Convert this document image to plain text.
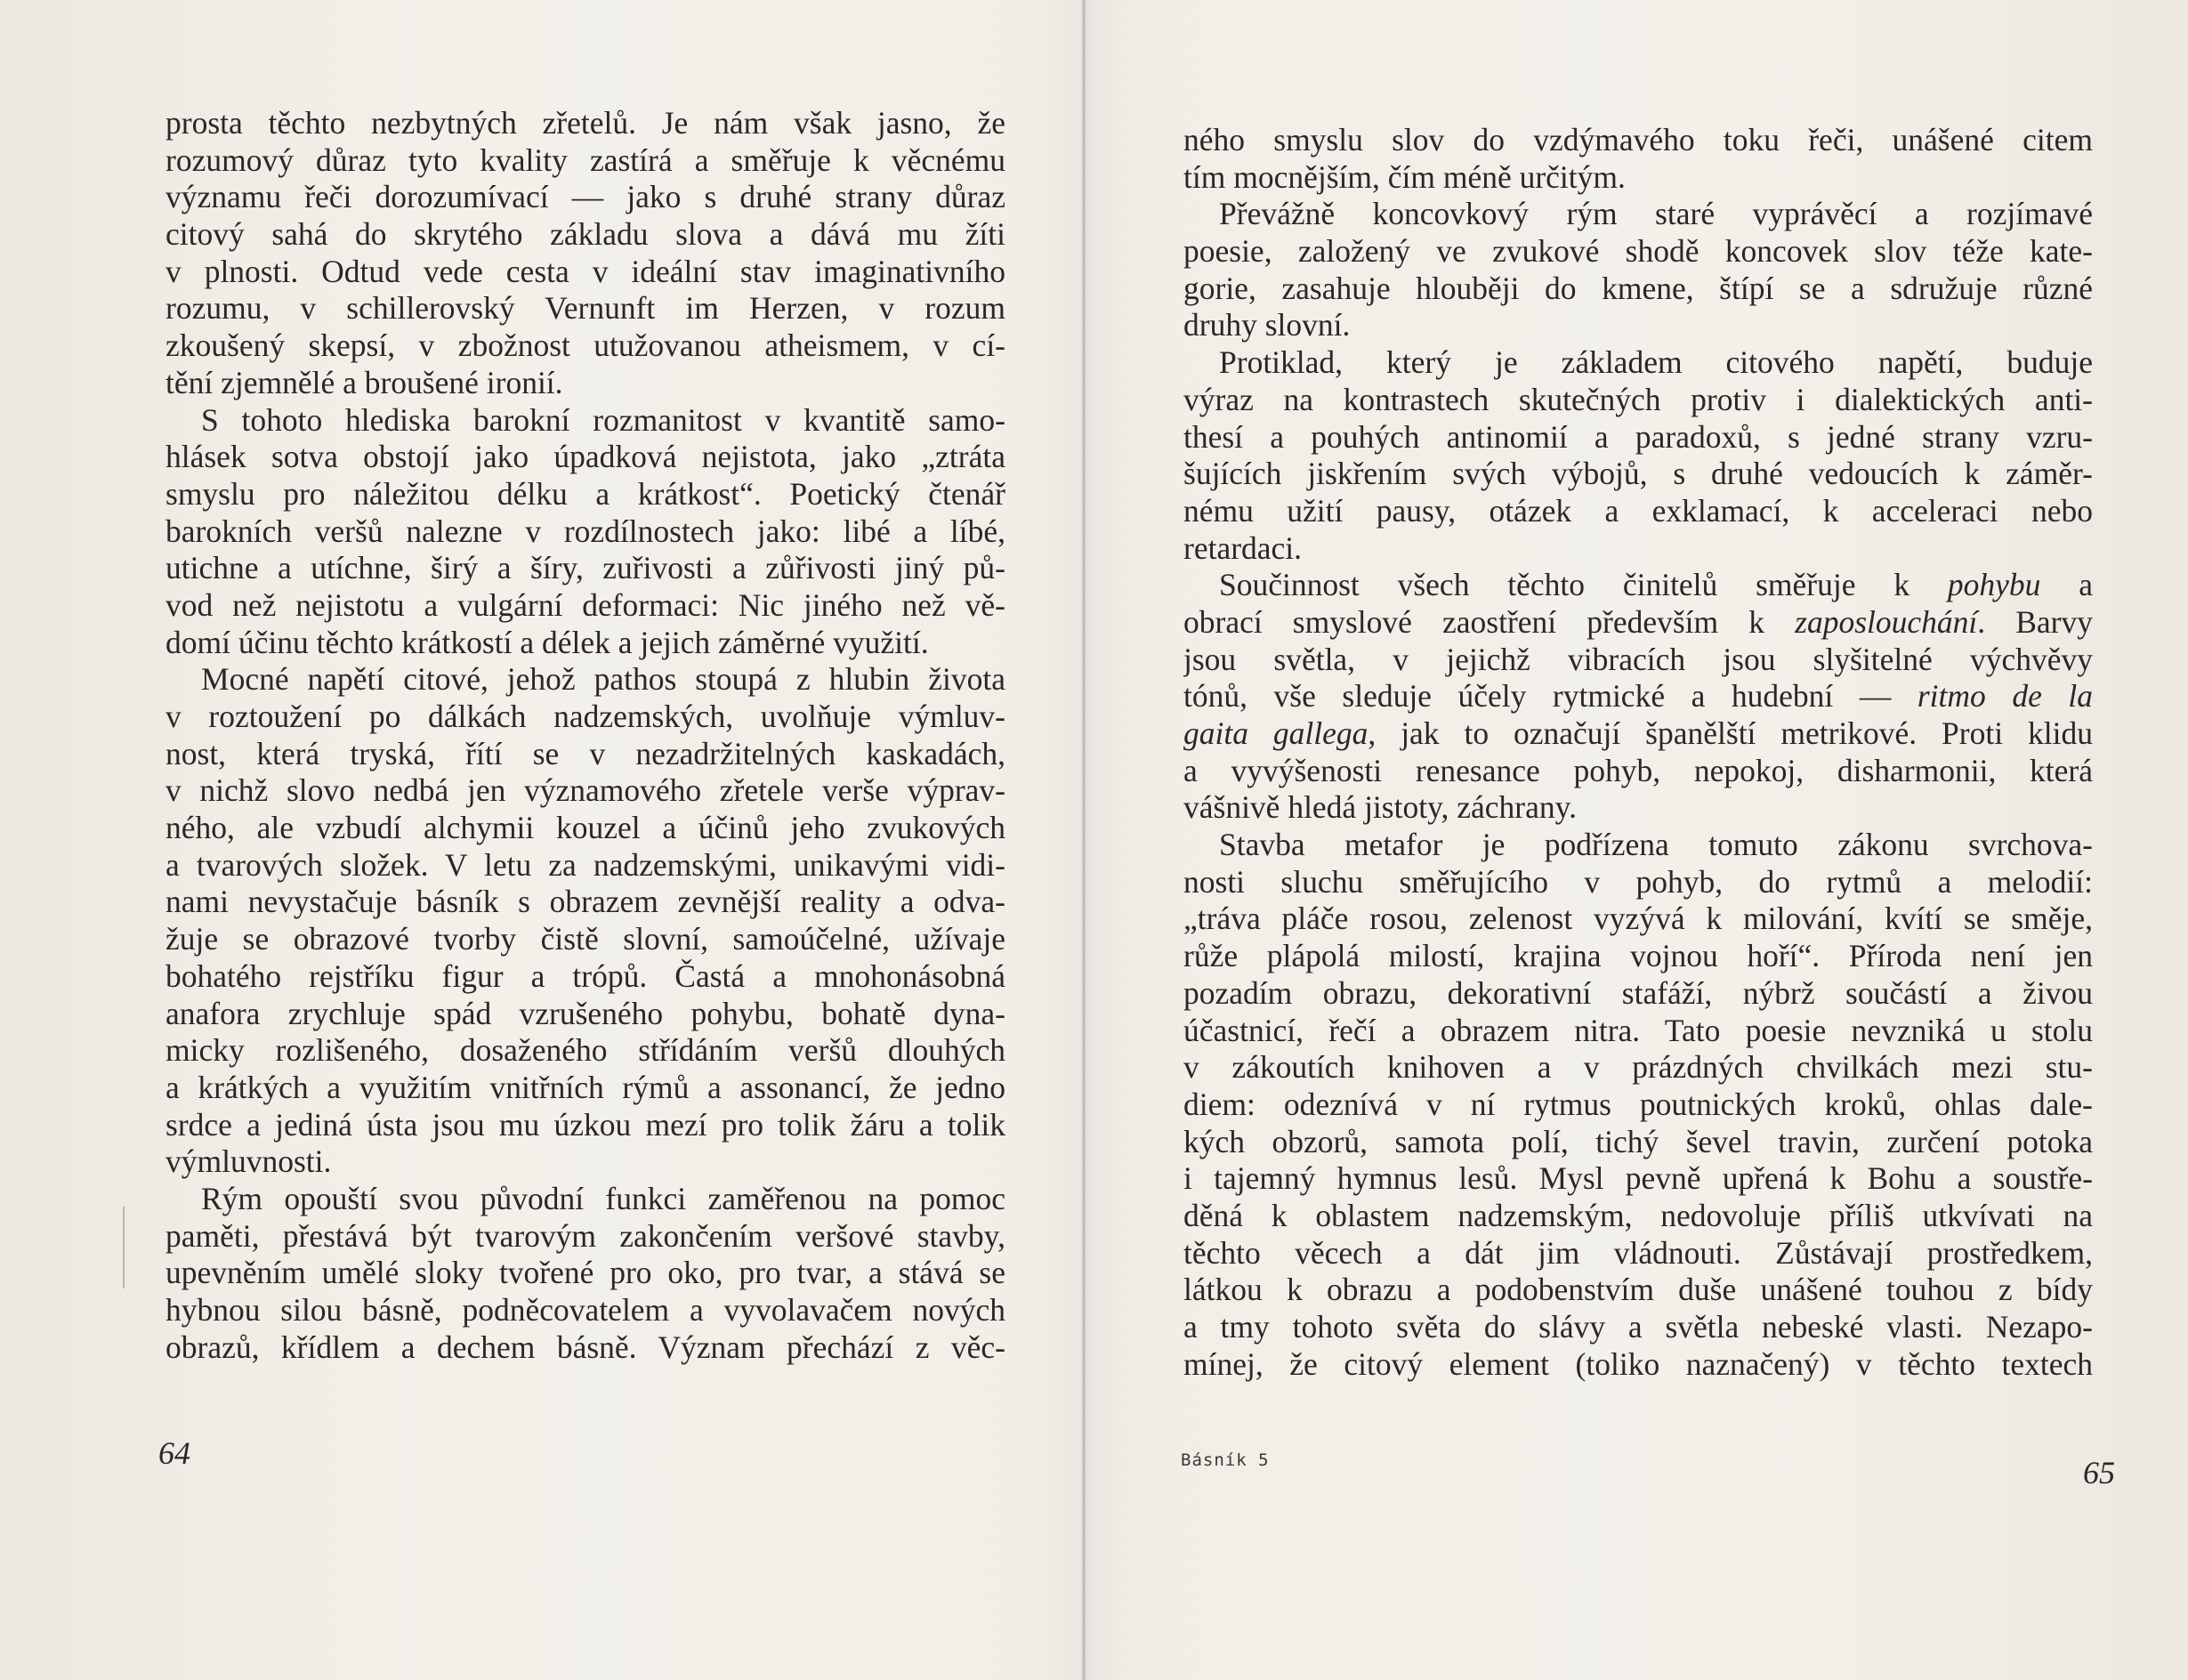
prosta těchto nezbytných zřetelů. Je nám však jasno, že
rozumový důraz tyto kvality zastírá a směřuje k věcnému
významu řeči dorozumívací — jako s druhé strany důraz
citový sahá do skrytého základu slova a dává mu žíti
v plnosti. Odtud vede cesta v ideální stav imaginativního
rozumu, v schillerovský Vernunft im Herzen, v rozum
zkoušený skepsí, v zbožnost utužovanou atheismem, v cí-
tění zjemnělé a broušené ironií.
S tohoto hlediska barokní rozmanitost v kvantitě samo-
hlásek sotva obstojí jako úpadková nejistota, jako „ztráta
smyslu pro náležitou délku a krátkost“. Poetický čtenář
barokních veršů nalezne v rozdílnostech jako: libé a líbé,
utichne a utíchne, širý a šíry, zuřivosti a zůřivosti jiný pů-
vod než nejistotu a vulgární deformaci: Nic jiného než vě-
domí účinu těchto krátkostí a délek a jejich záměrné využití.
Mocné napětí citové, jehož pathos stoupá z hlubin života
v roztoužení po dálkách nadzemských, uvolňuje výmluv-
nost, která tryská, řítí se v nezadržitelných kaskadách,
v nichž slovo nedbá jen významového zřetele verše výprav-
ného, ale vzbudí alchymii kouzel a účinů jeho zvukových
a tvarových složek. V letu za nadzemskými, unikavými vidi-
nami nevystačuje básník s obrazem zevnější reality a odva-
žuje se obrazové tvorby čistě slovní, samoúčelné, užívaje
bohatého rejstříku figur a trópů. Častá a mnohonásobná
anafora zrychluje spád vzrušeného pohybu, bohatě dyna-
micky rozlišeného, dosaženého střídáním veršů dlouhých
a krátkých a využitím vnitřních rýmů a assonancí, že jedno
srdce a jediná ústa jsou mu úzkou mezí pro tolik žáru a tolik
výmluvnosti.
Rým opouští svou původní funkci zaměřenou na pomoc
paměti, přestává být tvarovým zakončením veršové stavby,
upevněním umělé sloky tvořené pro oko, pro tvar, a stává se
hybnou silou básně, podněcovatelem a vyvolavačem nových
obrazů, křídlem a dechem básně. Význam přechází z věc-
64
ného smyslu slov do vzdýmavého toku řeči, unášené citem
tím mocnějším, čím méně určitým.
Převážně koncovkový rým staré vyprávěcí a rozjímavé
poesie, založený ve zvukové shodě koncovek slov téže kate-
gorie, zasahuje hlouběji do kmene, štípí se a sdružuje různé
druhy slovní.
Protiklad, který je základem citového napětí, buduje
výraz na kontrastech skutečných protiv i dialektických anti-
thesí a pouhých antinomií a paradoxů, s jedné strany vzru-
šujících jiskřením svých výbojů, s druhé vedoucích k záměr-
nému užití pausy, otázek a exklamací, k acceleraci nebo
retardaci.
Součinnost všech těchto činitelů směřuje k pohybu a
obrací smyslové zaostření především k zaposlouchání. Barvy
jsou světla, v jejichž vibracích jsou slyšitelné výchvěvy
tónů, vše sleduje účely rytmické a hudební — ritmo de la
gaita gallega, jak to označují španělští metrikové. Proti klidu
a vyvýšenosti renesance pohyb, nepokoj, disharmonii, která
vášnivě hledá jistoty, záchrany.
Stavba metafor je podřízena tomuto zákonu svrchova-
nosti sluchu směřujícího v pohyb, do rytmů a melodií:
„tráva pláče rosou, zelenost vyzývá k milování, kvítí se směje,
růže plápolá milostí, krajina vojnou hoří“. Příroda není jen
pozadím obrazu, dekorativní stafáží, nýbrž součástí a živou
účastnicí, řečí a obrazem nitra. Tato poesie nevzniká u stolu
v zákoutích knihoven a v prázdných chvilkách mezi stu-
diem: odeznívá v ní rytmus poutnických kroků, ohlas dale-
kých obzorů, samota polí, tichý ševel travin, zurčení potoka
i tajemný hymnus lesů. Mysl pevně upřená k Bohu a soustře-
děná k oblastem nadzemským, nedovoluje příliš utkvívati na
těchto věcech a dát jim vládnouti. Zůstávají prostředkem,
látkou k obrazu a podobenstvím duše unášené touhou z bídy
a tmy tohoto světa do slávy a světla nebeské vlasti. Nezapo-
mínej, že citový element (toliko naznačený) v těchto textech
Básník 5	65
